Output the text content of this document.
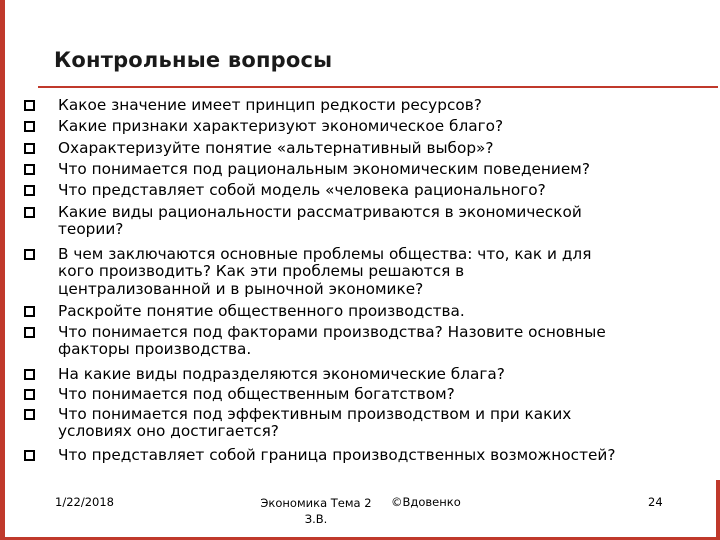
Контрольные вопросы
Какое значение имеет принцип редкости ресурсов?
Какие признаки характеризуют экономическое благо?
Охарактеризуйте понятие «альтернативный выбор»?
Что понимается под рациональным экономическим поведением?
Что представляет собой модель «человека рационального?
Какие виды рациональности рассматриваются в экономической
теории?
В чем заключаются основные проблемы общества: что, как и для
кого производить? Как эти проблемы решаются в
централизованной и в рыночной экономике?
Раскройте понятие общественного производства.
Что понимается под факторами производства? Назовите основные
факторы производства.
На какие виды подразделяются экономические блага?
Что понимается под общественным богатством?
Что понимается под эффективным производством и при каких
условиях оно достигается?
Что представляет собой граница производственных возможностей?
1/22/2018	Экономика Тема 2
З.В.
©Вдовенко	24
